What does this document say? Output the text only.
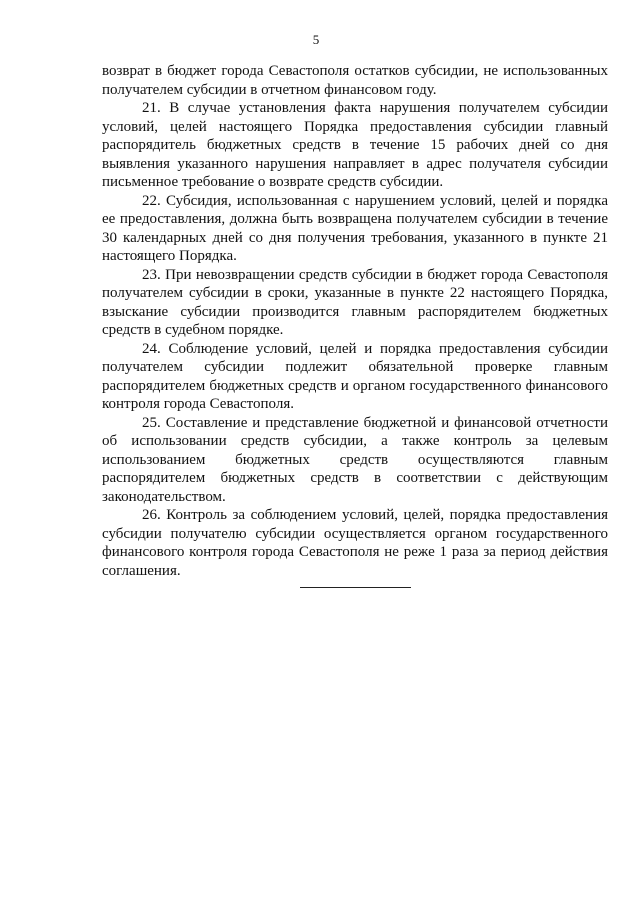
5

возврат в бюджет города Севастополя остатков субсидии, не использованных получателем субсидии в отчетном финансовом году.

21. В случае установления факта нарушения получателем субсидии условий, целей настоящего Порядка предоставления субсидии главный распорядитель бюджетных средств в течение 15 рабочих дней со дня выявления указанного нарушения направляет в адрес получателя субсидии письменное требование о возврате средств субсидии.

22. Субсидия, использованная с нарушением условий, целей и порядка ее предоставления, должна быть возвращена получателем субсидии в течение 30 календарных дней со дня получения требования, указанного в пункте 21 настоящего Порядка.

23. При невозвращении средств субсидии в бюджет города Севастополя получателем субсидии в сроки, указанные в пункте 22 настоящего Порядка, взыскание субсидии производится главным распорядителем бюджетных средств в судебном порядке.

24. Соблюдение условий, целей и порядка предоставления субсидии получателем субсидии подлежит обязательной проверке главным распорядителем бюджетных средств и органом государственного финансового контроля города Севастополя.

25. Составление и представление бюджетной и финансовой отчетности об использовании средств субсидии, а также контроль за целевым использованием бюджетных средств осуществляются главным распорядителем бюджетных средств в соответствии с действующим законодательством.

26. Контроль за соблюдением условий, целей, порядка предоставления субсидии получателю субсидии осуществляется органом государственного финансового контроля города Севастополя не реже 1 раза за период действия соглашения.
